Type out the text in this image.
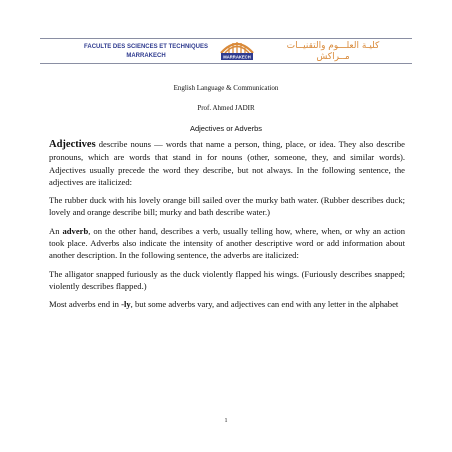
FACULTE DES SCIENCES ET TECHNIQUES
MARRAKECH	MARRAKECH
كليـة العلـــوم والتقنيــات
مــراكش
English Language & Communication
Prof. Ahmed JADIR
Adjectives or Adverbs

Adjectives describe nouns — words that name a person, thing, place, or idea. They also describe pronouns, which are words that stand in for nouns (other, someone, they, and similar words). Adjectives usually precede the word they describe, but not always. In the following sentence, the adjectives are italicized:

The rubber duck with his lovely orange bill sailed over the murky bath water. (Rubber describes duck; lovely and orange describe bill; murky and bath describe water.)

An adverb, on the other hand, describes a verb, usually telling how, where, when, or why an action took place. Adverbs also indicate the intensity of another descriptive word or add information about another description. In the following sentence, the adverbs are italicized:

The alligator snapped furiously as the duck violently flapped his wings. (Furiously describes snapped; violently describes flapped.)

Most adverbs end in -ly, but some adverbs vary, and adjectives can end with any letter in the alphabet

1
